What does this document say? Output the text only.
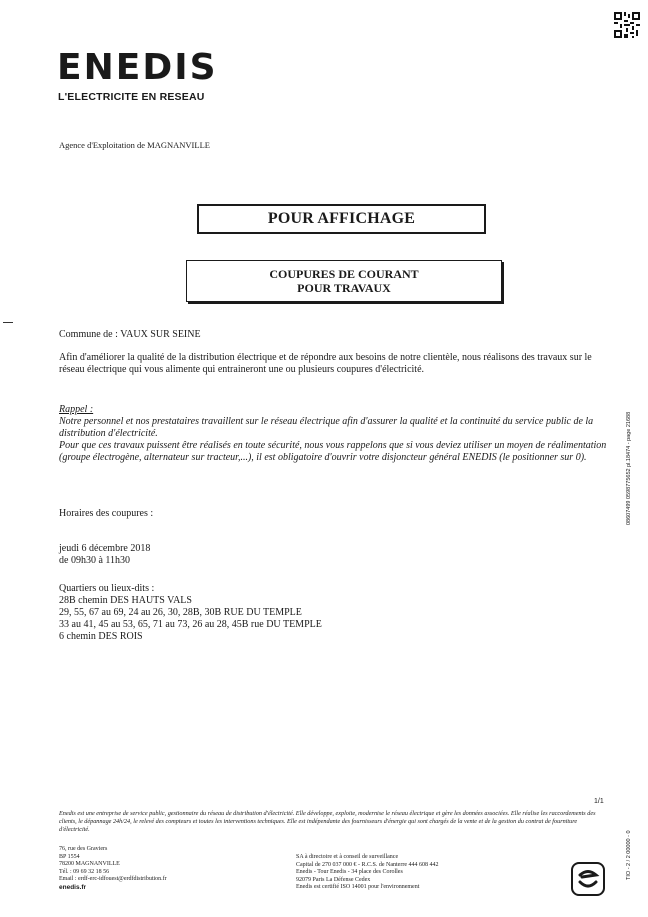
ENEDIS
L'ELECTRICITE EN RESEAU
Agence d'Exploitation de MAGNANVILLE
POUR AFFICHAGE
COUPURES DE COURANT
POUR TRAVAUX
Commune de : VAUX SUR SEINE
Afin d'améliorer la qualité de la distribution électrique et de répondre aux besoins de notre clientèle, nous réalisons des travaux sur le réseau électrique qui vous alimente qui entraineront une ou plusieurs coupures d'électricité.
Rappel :

Notre personnel et nos prestataires travaillent sur le réseau électrique afin d'assurer la qualité et la continuité du service public de la distribution d'électricité.

Pour que ces travaux puissent être réalisés en toute sécurité, nous vous rappelons que si vous deviez utiliser un moyen de réalimentation (groupe électrogène, alternateur sur tracteur,...), il est obligatoire d'ouvrir votre disjoncteur général ENEDIS (le positionner sur 0).

Horaires des coupures :
jeudi 6 décembre 2018
de 09h30 à 11h30
Quartiers ou lieux-dits :
28B chemin DES HAUTS VALS
29, 55, 67 au 69, 24 au 26, 30, 28B, 30B RUE DU TEMPLE
33 au 41, 45 au 53, 65, 71 au 73, 26 au 28, 45B rue DU TEMPLE
6 chemin DES ROIS
1/1
Enedis est une entreprise de service public, gestionnaire du réseau de distribution d'électricité. Elle développe, exploite, modernise le réseau électrique et gère les données associées. Elle réalise les raccordements des clients, le dépannage 24h/24, le relevé des compteurs et toutes les interventions techniques. Elle est indépendante des fournisseurs d'énergie qui sont chargés de la vente et de la gestion du contrat de fourniture d'électricité.
76, rue des Graviers
BP 1554
78200 MAGNANVILLE
Tél. : 09 69 32 18 56
Email : erdf-erc-idfouest@erdfdistribution.fr
enedis.fr
SA à directoire et à conseil de surveillance
Capital de 270 037 000 € - R.C.S. de Nanterre 444 608 442
Enedis - Tour Enedis - 34 place des Corolles
92079 Paris La Défense Cedex
Enedis est certifié ISO 14001 pour l'environnement
08607499 0598775652 pl.18474 - page 21688
TIO - 2 / 2 00000 - 0
